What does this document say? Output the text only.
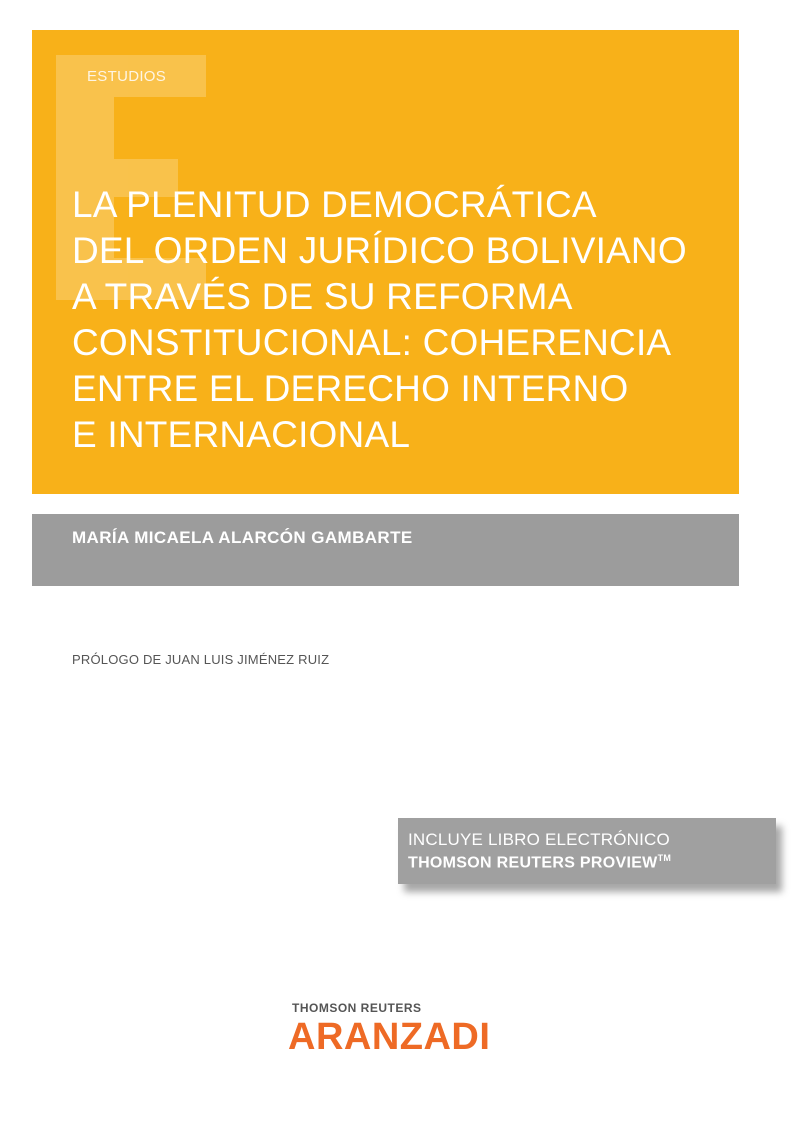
ESTUDIOS
LA PLENITUD DEMOCRÁTICA
DEL ORDEN JURÍDICO BOLIVIANO
A TRAVÉS DE SU REFORMA
CONSTITUCIONAL: COHERENCIA
ENTRE EL DERECHO INTERNO
E INTERNACIONAL
MARÍA MICAELA ALARCÓN GAMBARTE
PRÓLOGO DE JUAN LUIS JIMÉNEZ RUIZ
INCLUYE LIBRO ELECTRÓNICO
THOMSON REUTERS PROVIEW™
THOMSON REUTERS
ARANZADI
